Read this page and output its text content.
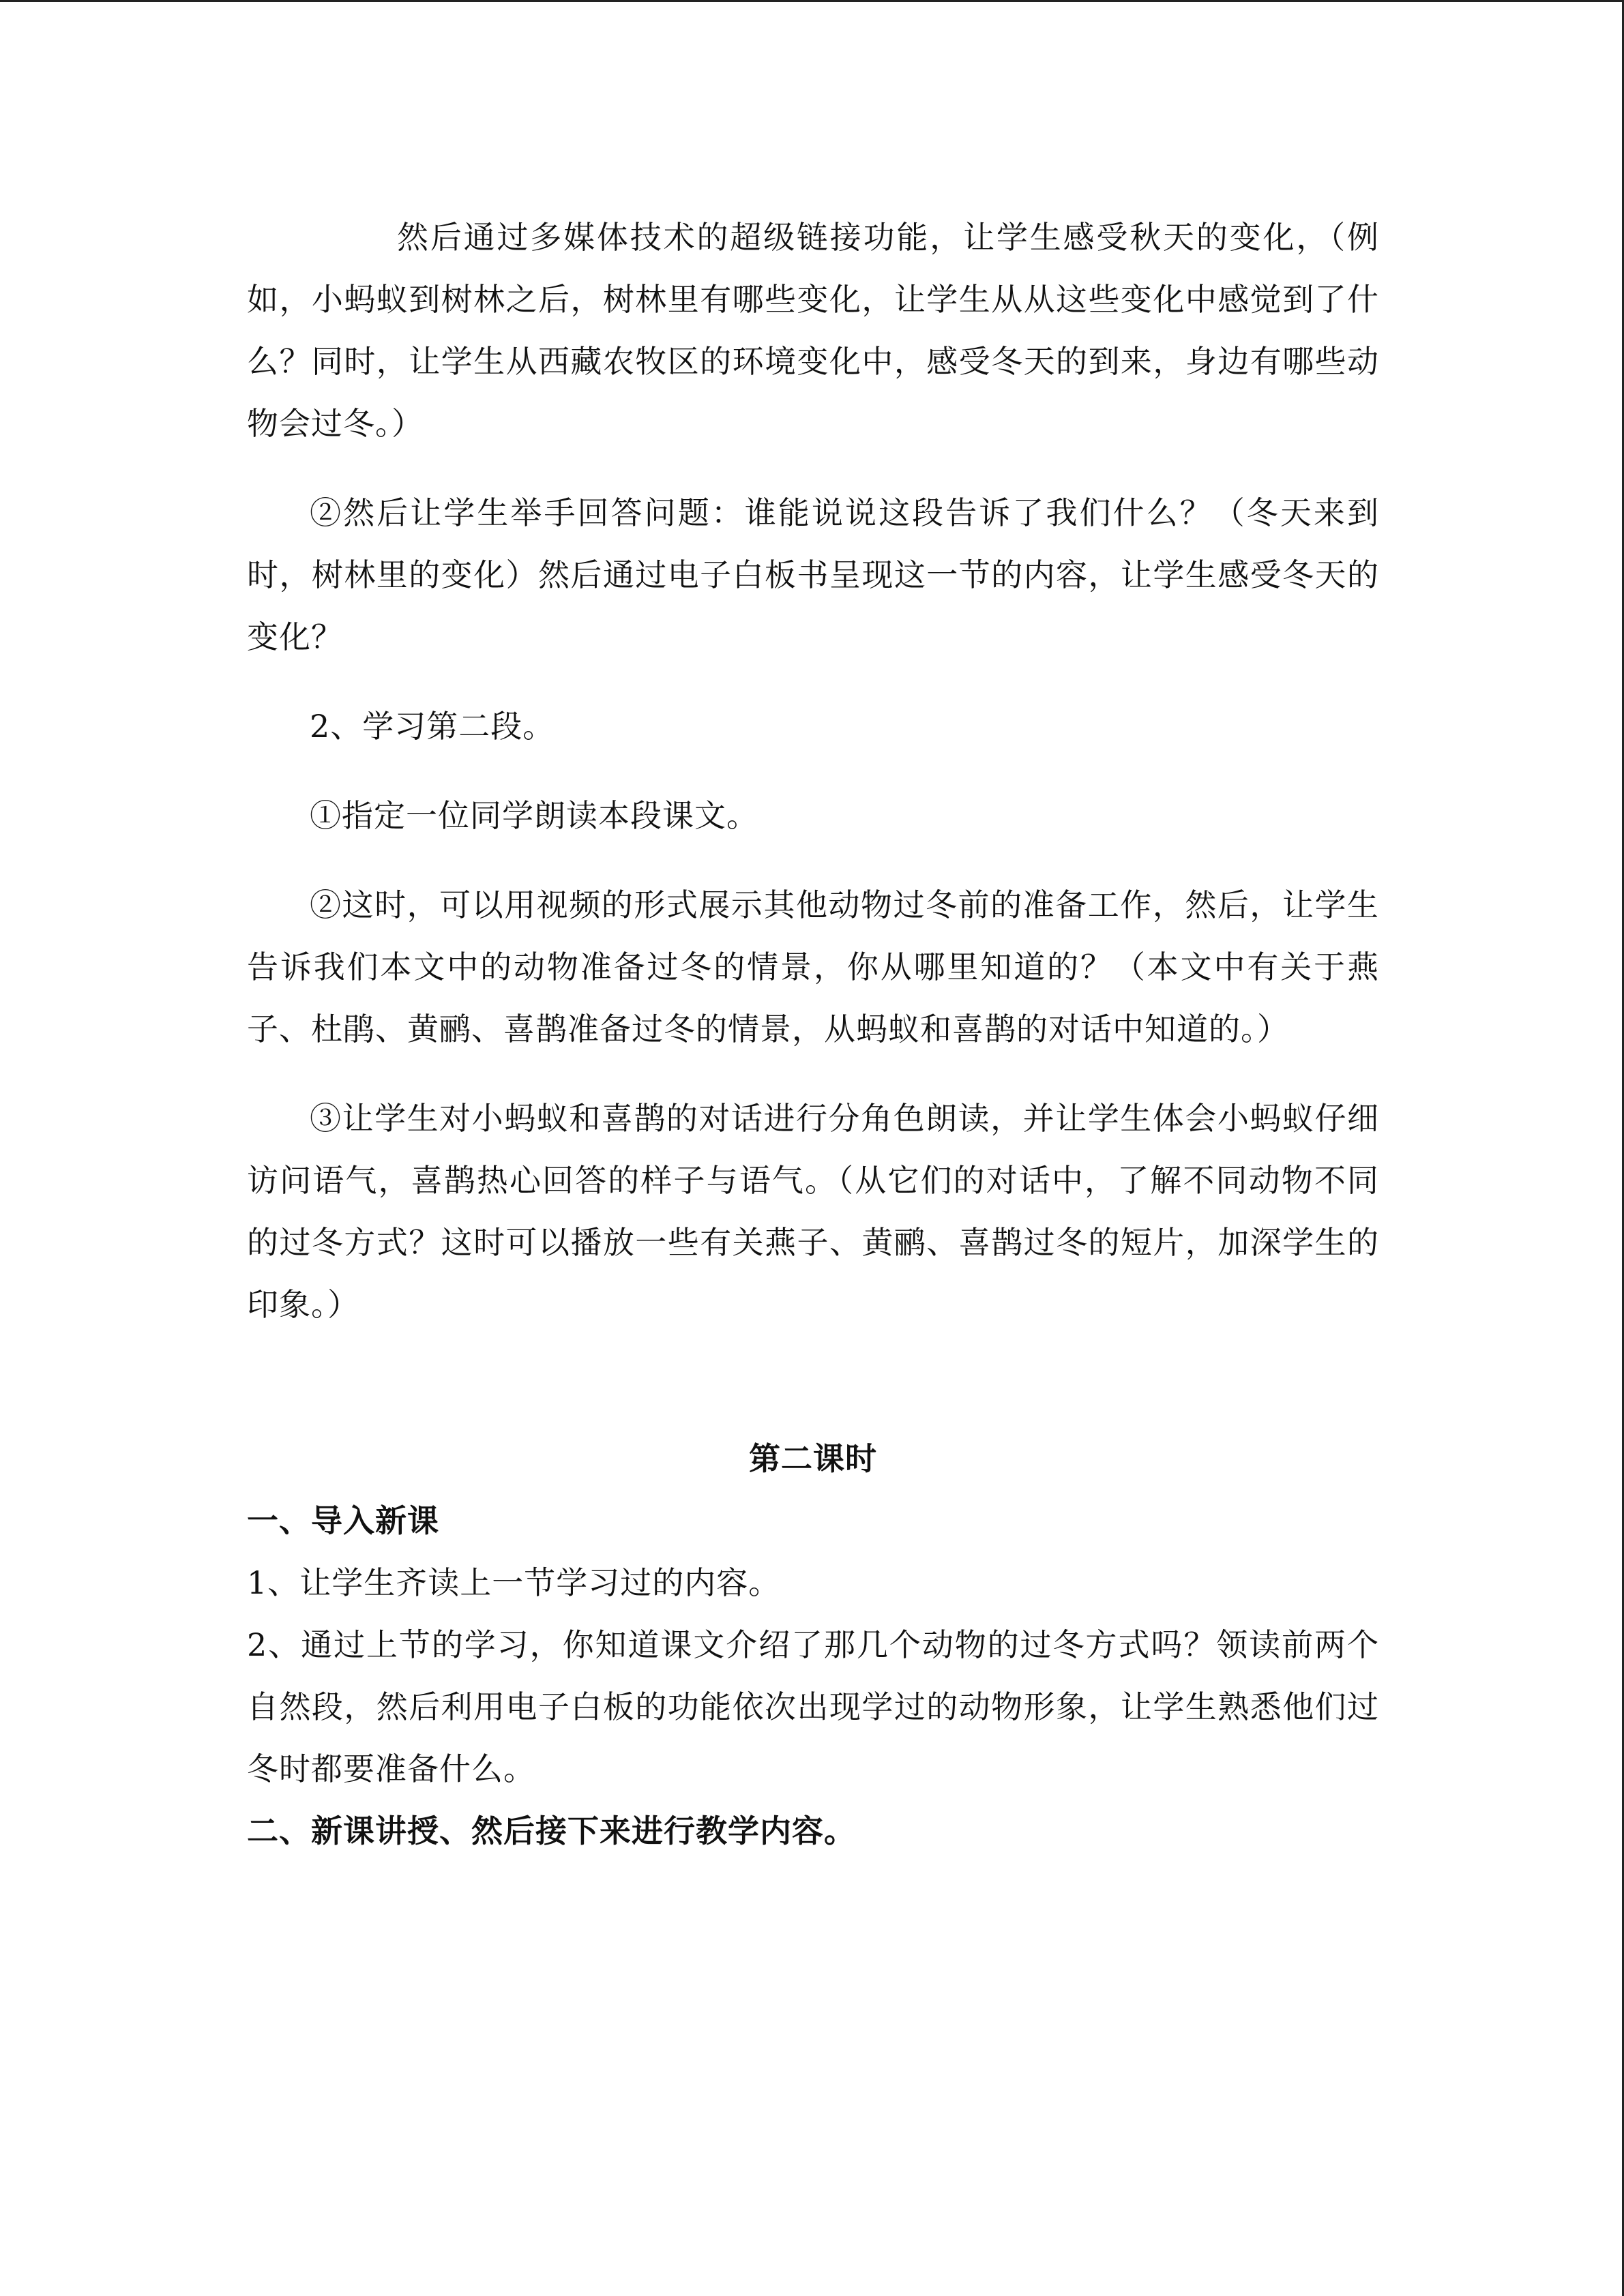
然后通过多媒体技术的超级链接功能，让学生感受秋天的变化，（例如，小蚂蚁到树林之后，树林里有哪些变化，让学生从从这些变化中感觉到了什么？同时，让学生从西藏农牧区的环境变化中，感受冬天的到来，身边有哪些动物会过冬。）

②然后让学生举手回答问题：谁能说说这段告诉了我们什么？（冬天来到时，树林里的变化）然后通过电子白板书呈现这一节的内容，让学生感受冬天的变化？

2、学习第二段。

①指定一位同学朗读本段课文。

②这时，可以用视频的形式展示其他动物过冬前的准备工作，然后，让学生告诉我们本文中的动物准备过冬的情景，你从哪里知道的？（本文中有关于燕子、杜鹃、黄鹂、喜鹊准备过冬的情景，从蚂蚁和喜鹊的对话中知道的。）

③让学生对小蚂蚁和喜鹊的对话进行分角色朗读，并让学生体会小蚂蚁仔细访问语气，喜鹊热心回答的样子与语气。（从它们的对话中，了解不同动物不同的过冬方式？这时可以播放一些有关燕子、黄鹂、喜鹊过冬的短片，加深学生的印象。）

第二课时

一、导入新课

1、让学生齐读上一节学习过的内容。

2、通过上节的学习，你知道课文介绍了那几个动物的过冬方式吗？领读前两个自然段，然后利用电子白板的功能依次出现学过的动物形象，让学生熟悉他们过冬时都要准备什么。

二、新课讲授、然后接下来进行教学内容。
